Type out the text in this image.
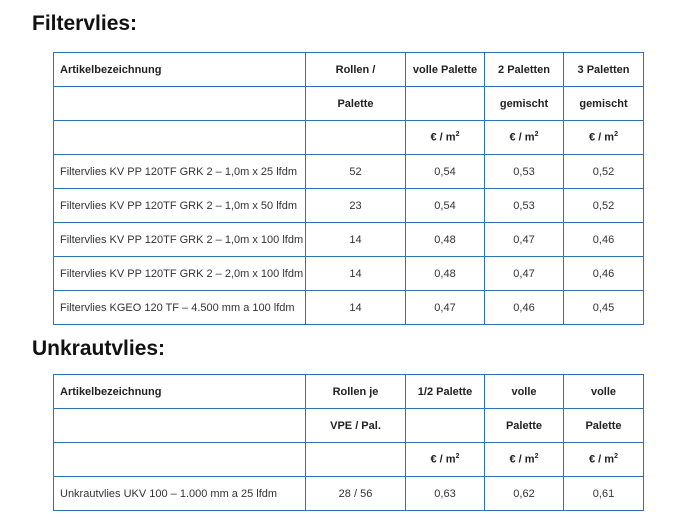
Filtervlies:
Artikelbezeichnung	Rollen /	volle Palette	2 Paletten	3 Paletten
	Palette		gemischt	gemischt
		€ / $m^2$	€ / $m^2$	€ / $m^2$
Filtervlies KV PP 120TF GRK 2 – 1,0m x 25 lfdm	52	0,54	0,53	0,52
Filtervlies KV PP 120TF GRK 2 – 1,0m x 50 lfdm	23	0,54	0,53	0,52
Filtervlies KV PP 120TF GRK 2 – 1,0m x 100 lfdm	14	0,48	0,47	0,46
Filtervlies KV PP 120TF GRK 2 – 2,0m x 100 lfdm	14	0,48	0,47	0,46
Filtervlies KGEO 120 TF – 4.500 mm a 100 lfdm	14	0,47	0,46	0,45
Unkrautvlies:
Artikelbezeichnung	Rollen je	1/2 Palette	volle	volle
	VPE / Pal.		Palette	Palette
		€ / $m^2$	€ / $m^2$	€ / $m^2$
Unkrautvlies UKV 100 – 1.000 mm a 25 lfdm	28 / 56	0,63	0,62	0,61
